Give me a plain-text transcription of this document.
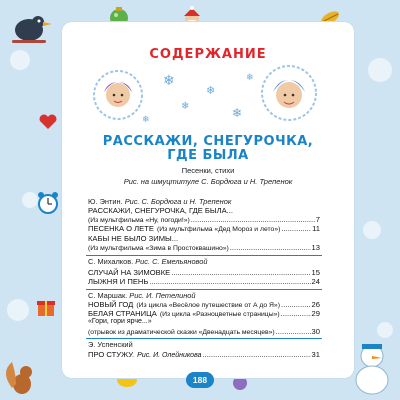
СОДЕРЖАНИЕ
❄
❄
❄	❄
❄
❄
РАССКАЖИ, СНЕГУРОЧКА,
ГДЕ БЫЛА
Песенки, стихи
Рис. на шмуцтитуле С. Бордюга и Н. Трепенок
Ю. Энтин. Рис. С. Бордюга и Н. Трепенок
РАССКАЖИ, СНЕГУРОЧКА, ГДЕ БЫЛА...
(Из мультфильма «Ну, погоди!») .....	7
ПЕСЕНКА О ЛЕТЕ (Из мультфильма «Дед Мороз и лето») .....	11
КАБЫ НЕ БЫЛО ЗИМЫ...
(Из мультфильма «Зима в Простоквашино») .....	13
С. Михалков. Рис. С. Емельяновой
СЛУЧАЙ НА ЗИМОВКЕ .....	15
ЛЫЖНЯ И ПЕНЬ .....	24
С. Маршак. Рис. И. Петелиной
НОВЫЙ ГОД (Из цикла «Весёлое путешествие от А до Я») .....	26
БЕЛАЯ СТРАНИЦА (Из цикла «Разноцветные страницы») .....	29
«Гори, гори ярче...»
(отрывок из драматической сказки «Двенадцать месяцев») .....	30
Э. Успенский
ПРО СТУЖУ. Рис. И. Олейникова .....	31
188
